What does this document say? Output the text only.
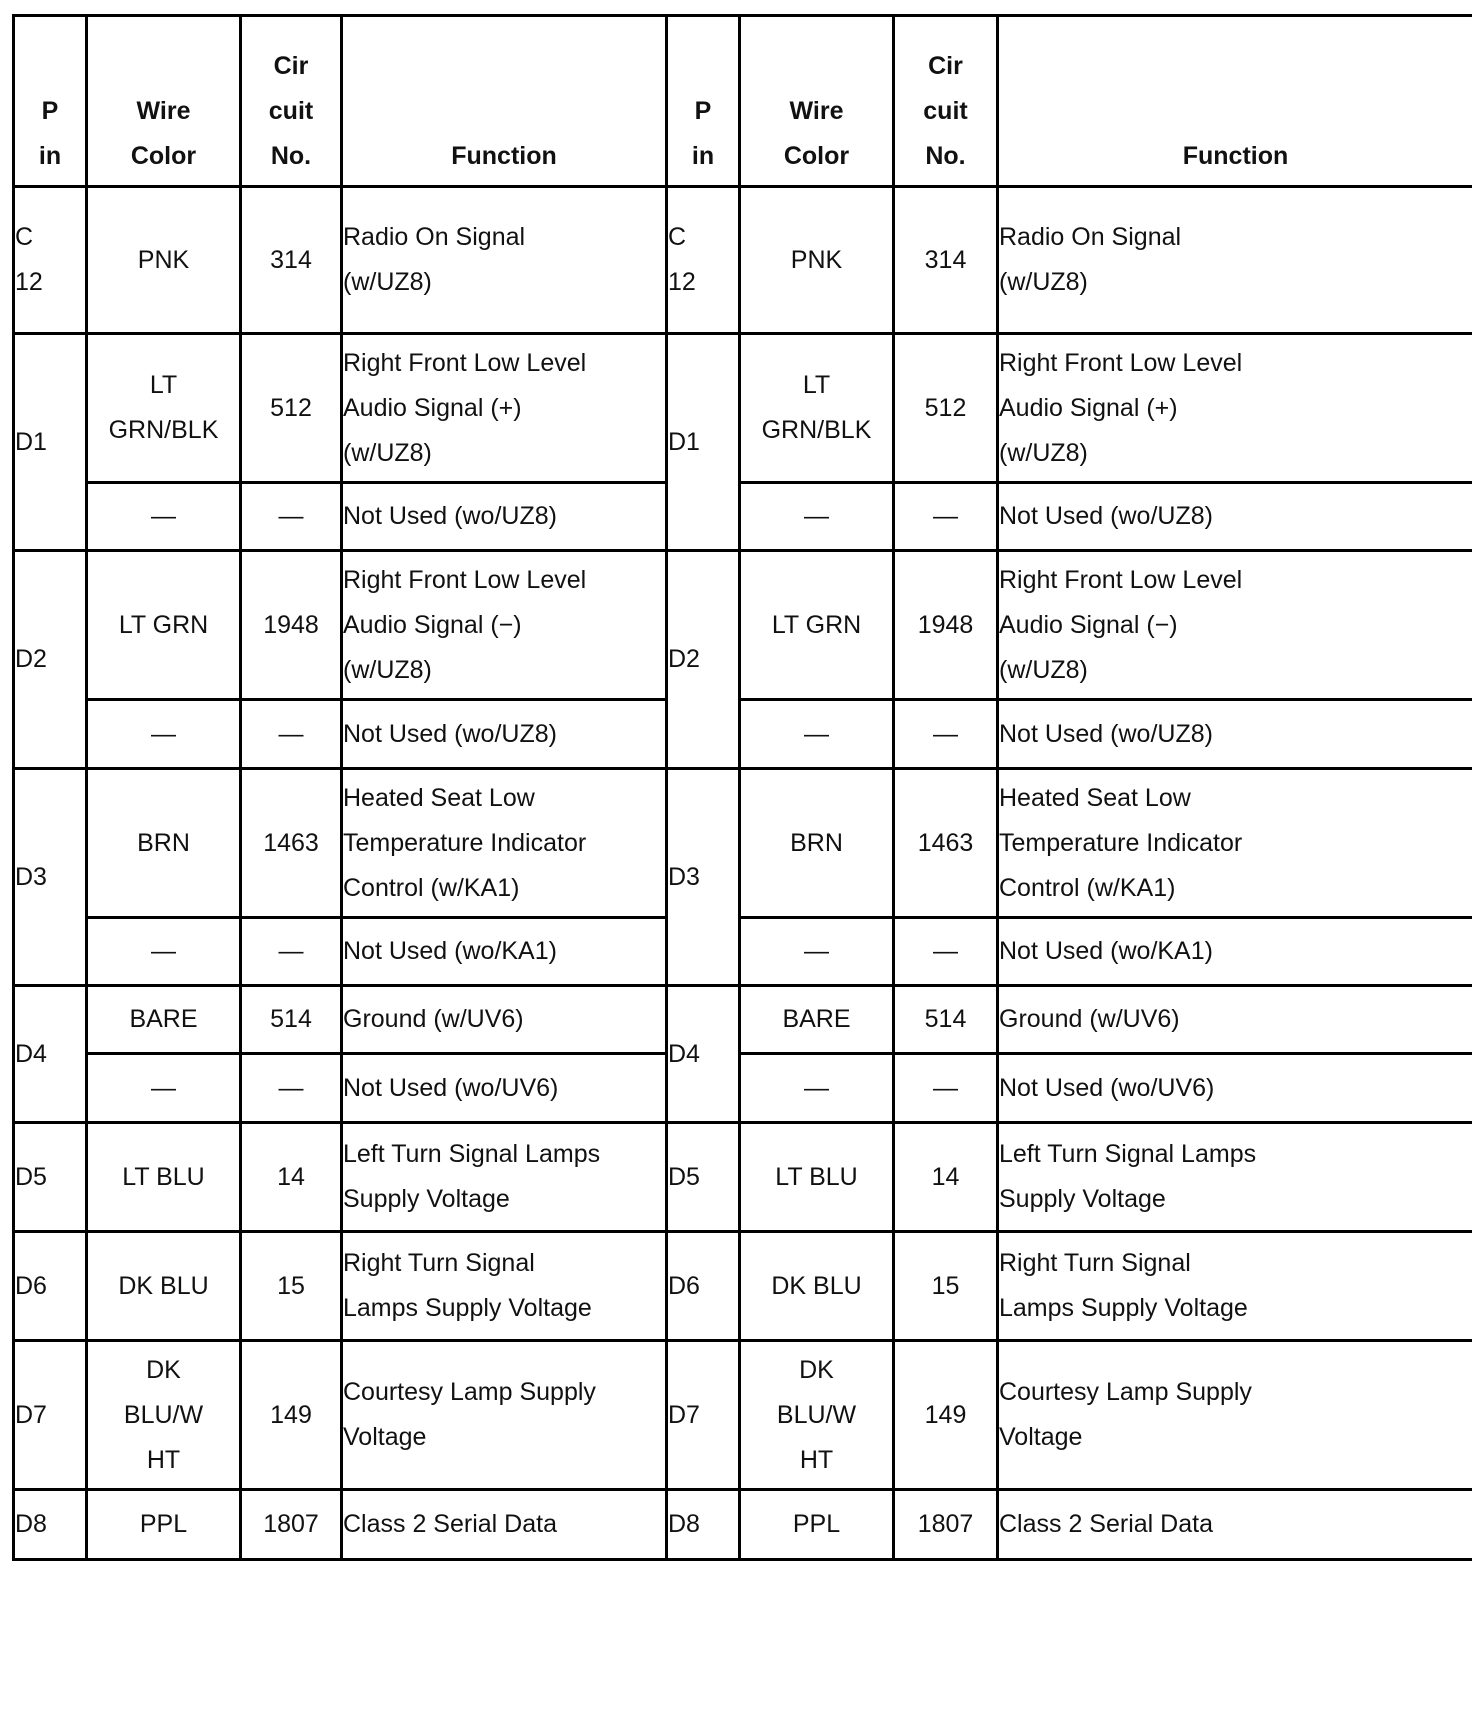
P
in	Wire
Color	Cir
cuit
No.	Function	P
in	Wire
Color	Cir
cuit
No.	Function

C
12	PNK	314	Radio On Signal
(w/UZ8)	C
12	PNK	314	Radio On Signal
(w/UZ8)

D1	LT
GRN/BLK	512	Right Front Low Level
Audio Signal (+)
(w/UZ8)	D1	LT
GRN/BLK	512	Right Front Low Level
Audio Signal (+)
(w/UZ8)

	—	—	Not Used (wo/UZ8)		—	—	Not Used (wo/UZ8)

D2	LT GRN	1948	Right Front Low Level
Audio Signal (−)
(w/UZ8)	D2	LT GRN	1948	Right Front Low Level
Audio Signal (−)
(w/UZ8)

	—	—	Not Used (wo/UZ8)		—	—	Not Used (wo/UZ8)

D3	BRN	1463	Heated Seat Low
Temperature Indicator
Control (w/KA1)	D3	BRN	1463	Heated Seat Low
Temperature Indicator
Control (w/KA1)

	—	—	Not Used (wo/KA1)		—	—	Not Used (wo/KA1)

D4	BARE	514	Ground (w/UV6)	D4	BARE	514	Ground (w/UV6)

	—	—	Not Used (wo/UV6)		—	—	Not Used (wo/UV6)

D5	LT BLU	14	Left Turn Signal Lamps
Supply Voltage	D5	LT BLU	14	Left Turn Signal Lamps
Supply Voltage

D6	DK BLU	15	Right Turn Signal
Lamps Supply Voltage	D6	DK BLU	15	Right Turn Signal
Lamps Supply Voltage

D7	DK
BLU/W
HT	149	Courtesy Lamp Supply
Voltage	D7	DK
BLU/W
HT	149	Courtesy Lamp Supply
Voltage

D8	PPL	1807	Class 2 Serial Data	D8	PPL	1807	Class 2 Serial Data
